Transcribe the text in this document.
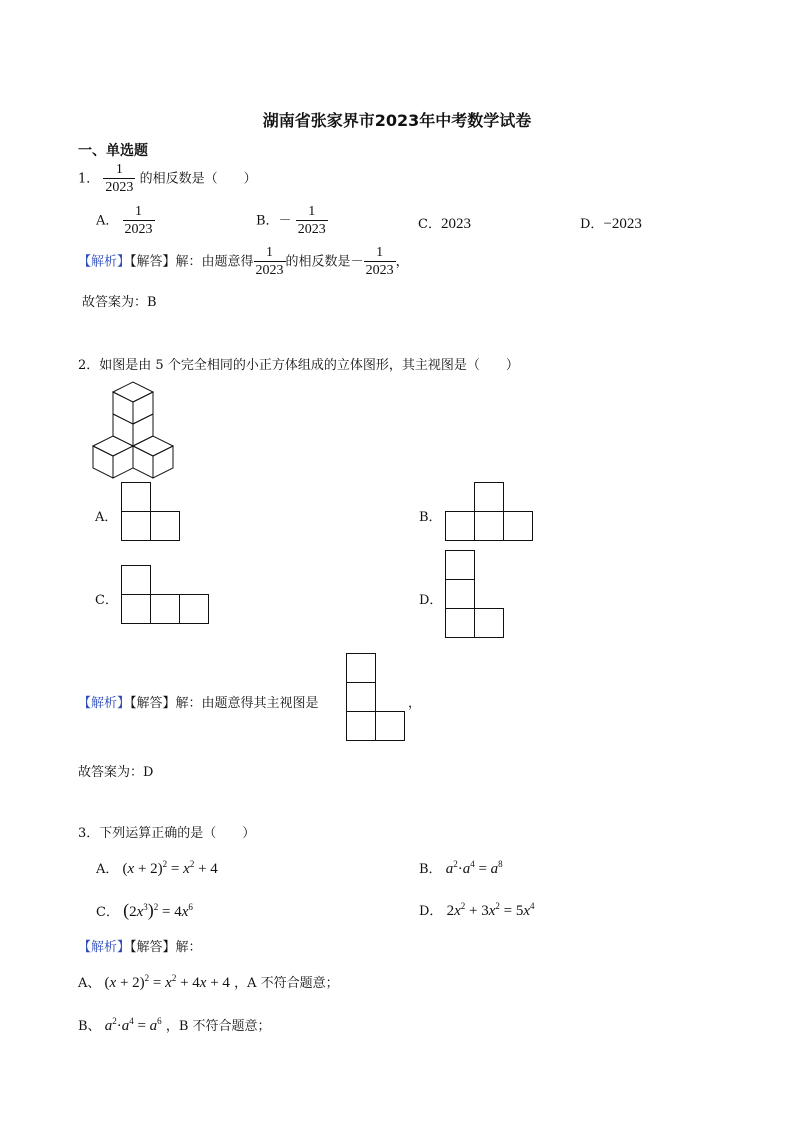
湖南省张家界市2023年中考数学试卷
一、单选题
1． $\frac{1}{2023}$ 的相反数是（　　）
A． $\frac{1}{2023}$	B．－ $\frac{1}{2023}$	C．2023	D．−2023
【解析】【解答】解：由题意得 $\frac{1}{2023}$ 的相反数是－ $\frac{1}{2023}$ ，
故答案为：B
2．如图是由 5 个完全相同的小正方体组成的立体图形，其主视图是（　　）
A．	B．
C．	D．
【解析】【解答】解：由题意得其主视图是	，
故答案为：D
3．下列运算正确的是（　　）
A． $(x + 2)^2 = x^2 + 4$	B． $a^2\cdot a^4 = a^8$
C． $(2x^3)^2 = 4x^6$	D． $2x^2 + 3x^2 = 5x^4$
【解析】【解答】解：
A、 $(x + 2)^2 = x^2 + 4x + 4$ ，A 不符合题意；
B、 $a^2\cdot a^4 = a^6$ ，B 不符合题意；
